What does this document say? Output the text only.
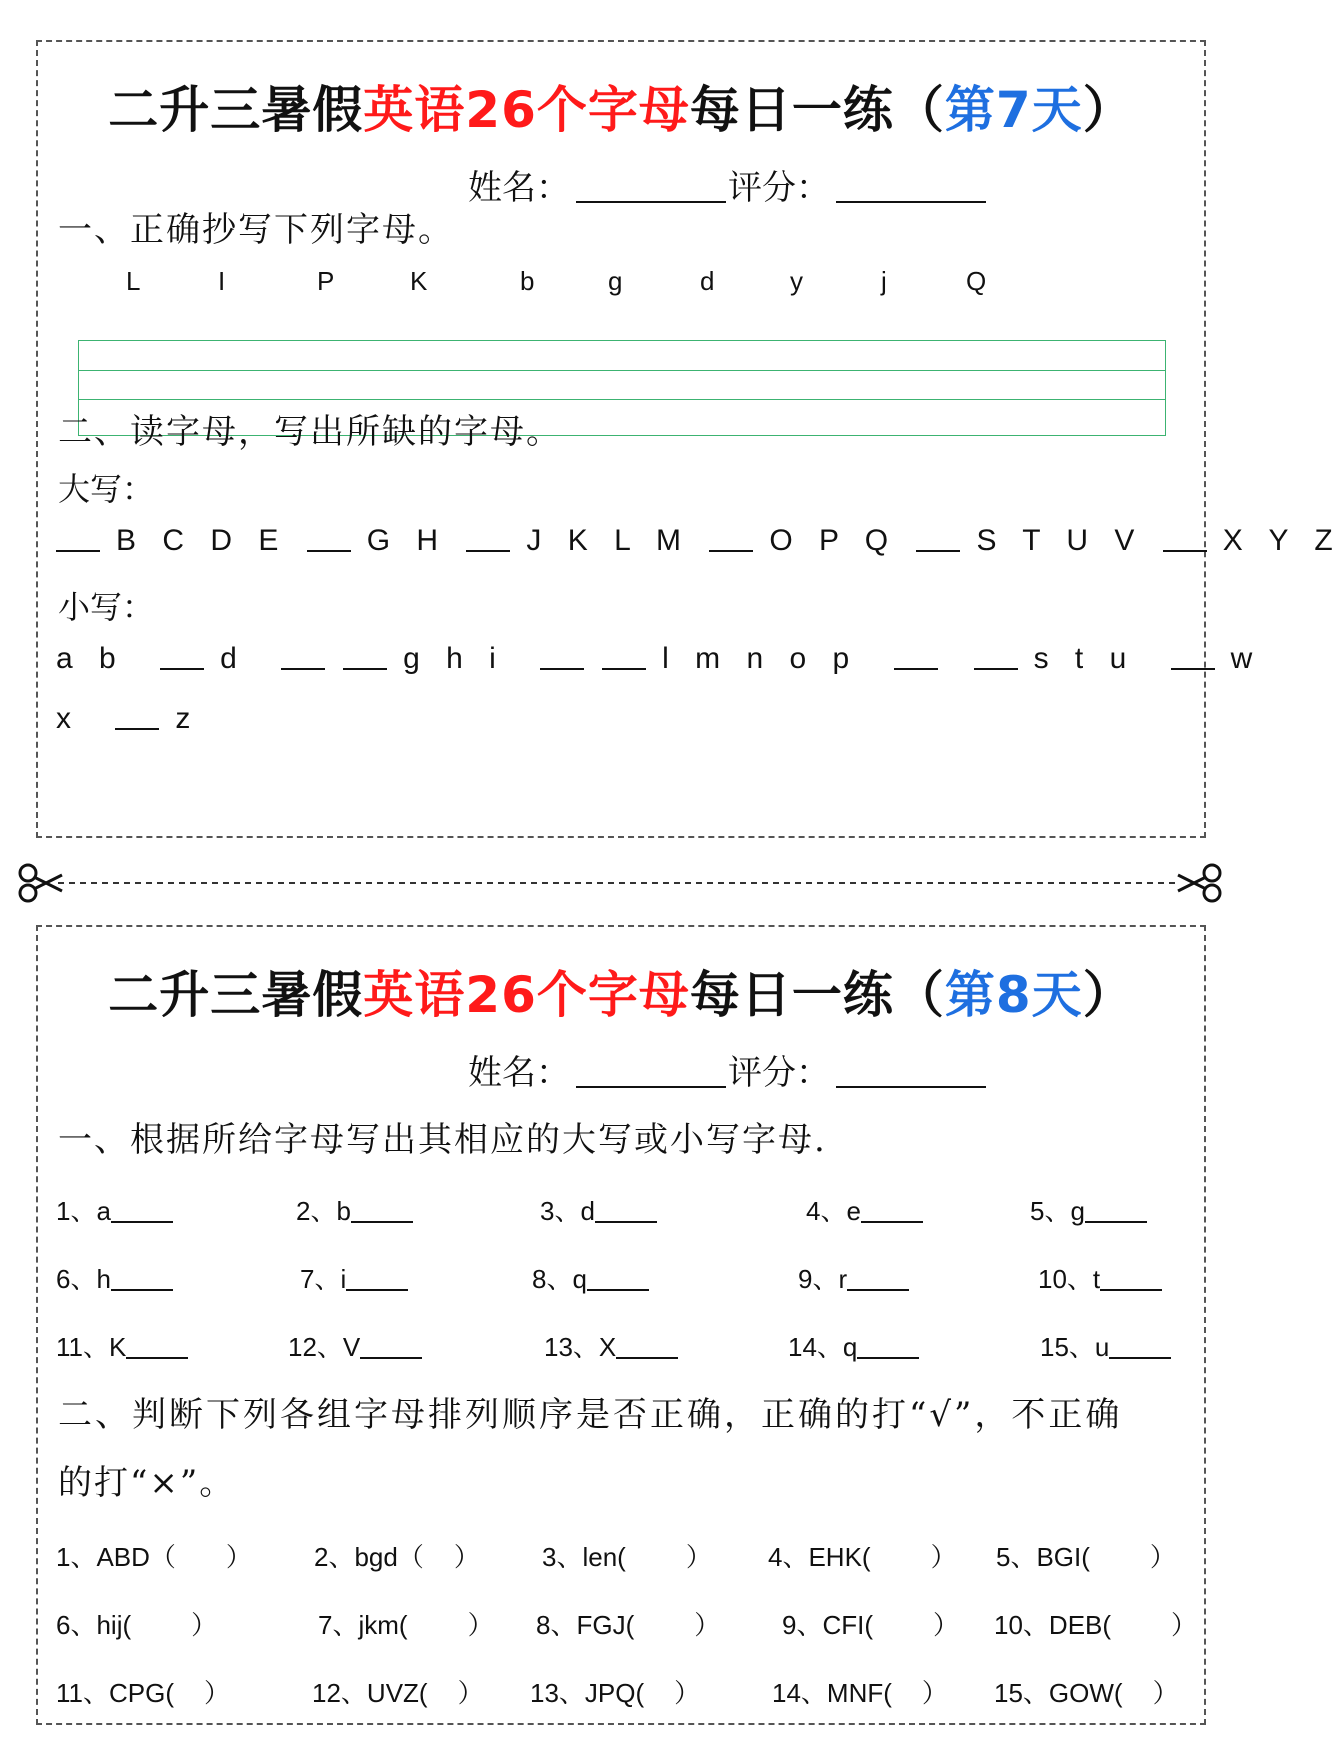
二升三暑假英语26个字母每日一练（第7天）
姓名：	评分：
一、正确抄写下列字母。
L	I	P	K	b	g	d	y	j	Q
二、读字母，写出所缺的字母。
大写：
B C D E	G H	J K L M	O P Q	S T U V	X Y Z
小写：
a b	d	g h i	l m n o p	s t u	w
x	z
二升三暑假英语26个字母每日一练（第8天）
姓名：	评分：
一、根据所给字母写出其相应的大写或小写字母.
1、a	2、b	3、d	4、e	5、g
6、h	7、i	8、q	9、r	10、t
11、K	12、V	13、X	14、q	15、u
二、判断下列各组字母排列顺序是否正确，正确的打“√”，不正确
的打“×”。
1、ABD（ ） 2、bgd（ ） 3、len( ） 4、EHK( ） 5、BGI( ）
6、hij( ）	7、jkm( ） 8、FGJ( ） 9、CFI( ） 10、DEB( ）
11、CPG( ）	12、UVZ( ） 13、JPQ( ）	14、MNF( ） 15、GOW( ）
